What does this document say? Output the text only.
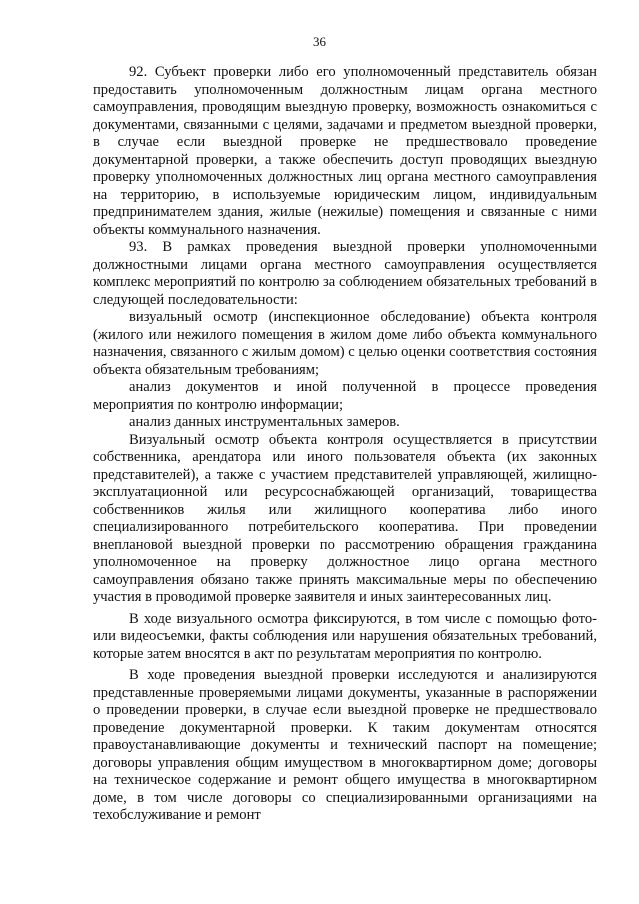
36

92. Субъект проверки либо его уполномоченный представитель обязан предоставить уполномоченным должностным лицам органа местного самоуправления, проводящим выездную проверку, возможность ознакомиться с документами, связанными с целями, задачами и предметом выездной проверки, в случае если выездной проверке не предшествовало проведение документарной проверки, а также обеспечить доступ проводящих выездную проверку уполномоченных должностных лиц органа местного самоуправления на территорию, в используемые юридическим лицом, индивидуальным предпринимателем здания, жилые (нежилые) помещения и связанные с ними объекты коммунального назначения.

93. В рамках проведения выездной проверки уполномоченными должностными лицами органа местного самоуправления осуществляется комплекс мероприятий по контролю за соблюдением обязательных требований в следующей последовательности:

визуальный осмотр (инспекционное обследование) объекта контроля (жилого или нежилого помещения в жилом доме либо объекта коммунального назначения, связанного с жилым домом) с целью оценки соответствия состояния объекта обязательным требованиям;

анализ документов и иной полученной в процессе проведения мероприятия по контролю информации;

анализ данных инструментальных замеров.

Визуальный осмотр объекта контроля осуществляется в присутствии собственника, арендатора или иного пользователя объекта (их законных представителей), а также с участием представителей управляющей, жилищно-эксплуатационной или ресурсоснабжающей организаций, товарищества собственников жилья или жилищного кооператива либо иного специализированного потребительского кооператива. При проведении внеплановой выездной проверки по рассмотрению обращения гражданина уполномоченное на проверку должностное лицо органа местного самоуправления обязано также принять максимальные меры по обеспечению участия в проводимой проверке заявителя и иных заинтересованных лиц.

В ходе визуального осмотра фиксируются, в том числе с помощью фото- или видеосъемки, факты соблюдения или нарушения обязательных требований, которые затем вносятся в акт по результатам мероприятия по контролю.

В ходе проведения выездной проверки исследуются и анализируются представленные проверяемыми лицами документы, указанные в распоряжении о проведении проверки, в случае если выездной проверке не предшествовало проведение документарной проверки. К таким документам относятся правоустанавливающие документы и технический паспорт на помещение; договоры управления общим имуществом в многоквартирном доме; договоры на техническое содержание и ремонт общего имущества в многоквартирном доме, в том числе договоры со специализированными организациями на техобслуживание и ремонт
